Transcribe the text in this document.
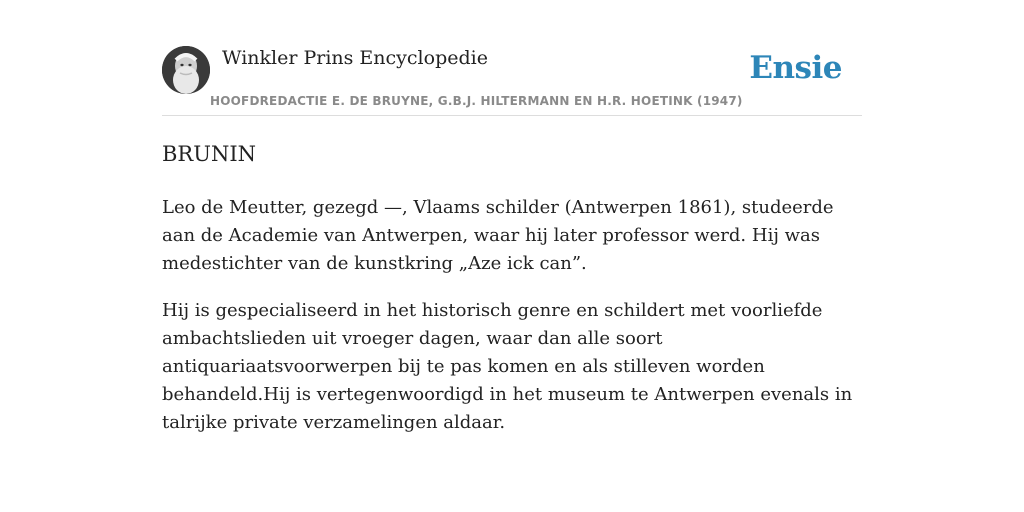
Winkler Prins Encyclopedie
HOOFDREDACTIE E. DE BRUYNE, G.B.J. HILTERMANN EN H.R. HOETINK (1947)
Ensie
BRUNIN

Leo de Meutter, gezegd —, Vlaams schilder (Antwerpen 1861), studeerde aan de Academie van Antwerpen, waar hij later professor werd. Hij was medestichter van de kunstkring „Aze ick can”.

Hij is gespecialiseerd in het historisch genre en schildert met voorliefde ambachtslieden uit vroeger dagen, waar dan alle soort antiquariaatsvoorwerpen bij te pas komen en als stilleven worden behandeld.Hij is vertegenwoordigd in het museum te Antwerpen evenals in talrijke private verzamelingen aldaar.
